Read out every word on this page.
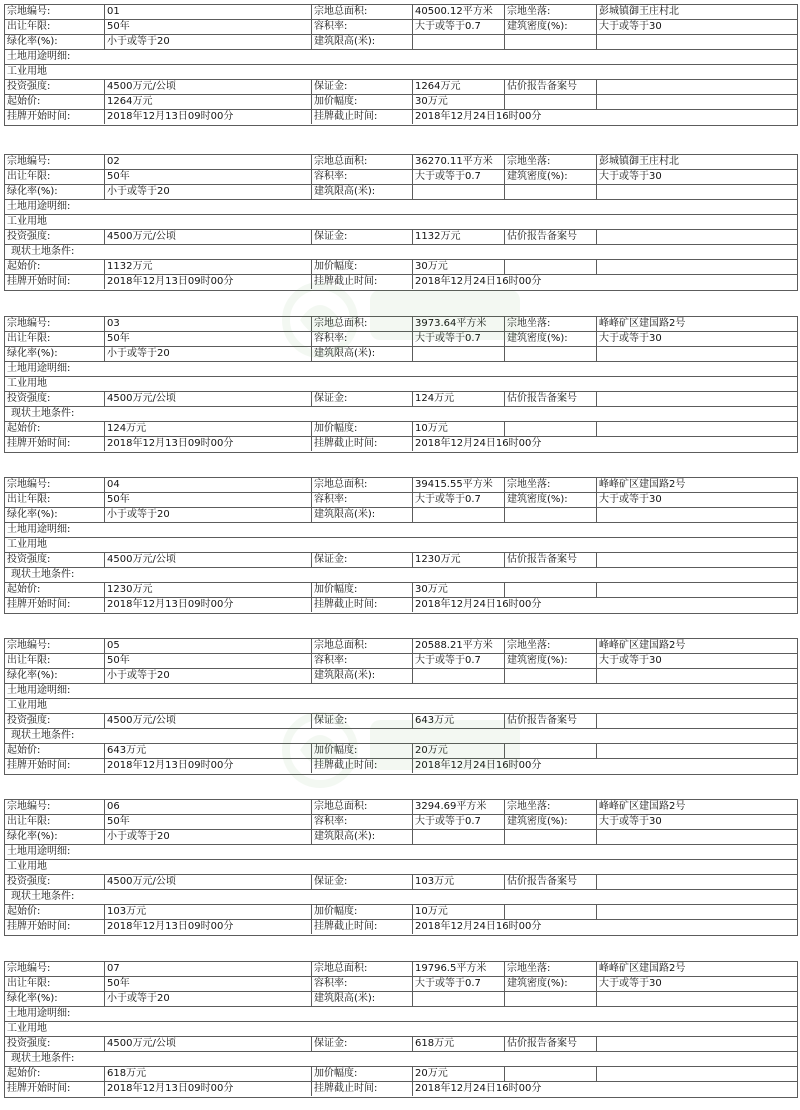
宗地编号:	01	宗地总面积:	40500.12平方米	宗地坐落:	彭城镇御王庄村北
出让年限:	50年	容积率:	大于或等于0.7	建筑密度(%):	大于或等于30
绿化率(%):	小于或等于20	建筑限高(米):
土地用途明细:
工业用地
投资强度:	4500万元/公顷	保证金:	1264万元	估价报告备案号
起始价:	1264万元	加价幅度:	30万元
挂牌开始时间:	2018年12月13日09时00分	挂牌截止时间:	2018年12月24日16时00分
宗地编号:	02	宗地总面积:	36270.11平方米	宗地坐落:	彭城镇御王庄村北
出让年限:	50年	容积率:	大于或等于0.7	建筑密度(%):	大于或等于30
绿化率(%):	小于或等于20	建筑限高(米):
土地用途明细:
工业用地
投资强度:	4500万元/公顷	保证金:	1132万元	估价报告备案号
现状土地条件:
起始价:	1132万元	加价幅度:	30万元
挂牌开始时间:	2018年12月13日09时00分	挂牌截止时间:	2018年12月24日16时00分
宗地编号:	03	宗地总面积:	3973.64平方米	宗地坐落:	峰峰矿区建国路2号
出让年限:	50年	容积率:	大于或等于0.7	建筑密度(%):	大于或等于30
绿化率(%):	小于或等于20	建筑限高(米):
土地用途明细:
工业用地
投资强度:	4500万元/公顷	保证金:	124万元	估价报告备案号
现状土地条件:
起始价:	124万元	加价幅度:	10万元
挂牌开始时间:	2018年12月13日09时00分	挂牌截止时间:	2018年12月24日16时00分
宗地编号:	04	宗地总面积:	39415.55平方米	宗地坐落:	峰峰矿区建国路2号
出让年限:	50年	容积率:	大于或等于0.7	建筑密度(%):	大于或等于30
绿化率(%):	小于或等于20	建筑限高(米):
土地用途明细:
工业用地
投资强度:	4500万元/公顷	保证金:	1230万元	估价报告备案号
现状土地条件:
起始价:	1230万元	加价幅度:	30万元
挂牌开始时间:	2018年12月13日09时00分	挂牌截止时间:	2018年12月24日16时00分
宗地编号:	05	宗地总面积:	20588.21平方米	宗地坐落:	峰峰矿区建国路2号
出让年限:	50年	容积率:	大于或等于0.7	建筑密度(%):	大于或等于30
绿化率(%):	小于或等于20	建筑限高(米):
土地用途明细:
工业用地
投资强度:	4500万元/公顷	保证金:	643万元	估价报告备案号
现状土地条件:
起始价:	643万元	加价幅度:	20万元
挂牌开始时间:	2018年12月13日09时00分	挂牌截止时间:	2018年12月24日16时00分
宗地编号:	06	宗地总面积:	3294.69平方米	宗地坐落:	峰峰矿区建国路2号
出让年限:	50年	容积率:	大于或等于0.7	建筑密度(%):	大于或等于30
绿化率(%):	小于或等于20	建筑限高(米):
土地用途明细:
工业用地
投资强度:	4500万元/公顷	保证金:	103万元	估价报告备案号
现状土地条件:
起始价:	103万元	加价幅度:	10万元
挂牌开始时间:	2018年12月13日09时00分	挂牌截止时间:	2018年12月24日16时00分
宗地编号:	07	宗地总面积:	19796.5平方米	宗地坐落:	峰峰矿区建国路2号
出让年限:	50年	容积率:	大于或等于0.7	建筑密度(%):	大于或等于30
绿化率(%):	小于或等于20	建筑限高(米):
土地用途明细:
工业用地
投资强度:	4500万元/公顷	保证金:	618万元	估价报告备案号
现状土地条件:
起始价:	618万元	加价幅度:	20万元
挂牌开始时间:	2018年12月13日09时00分	挂牌截止时间:	2018年12月24日16时00分
